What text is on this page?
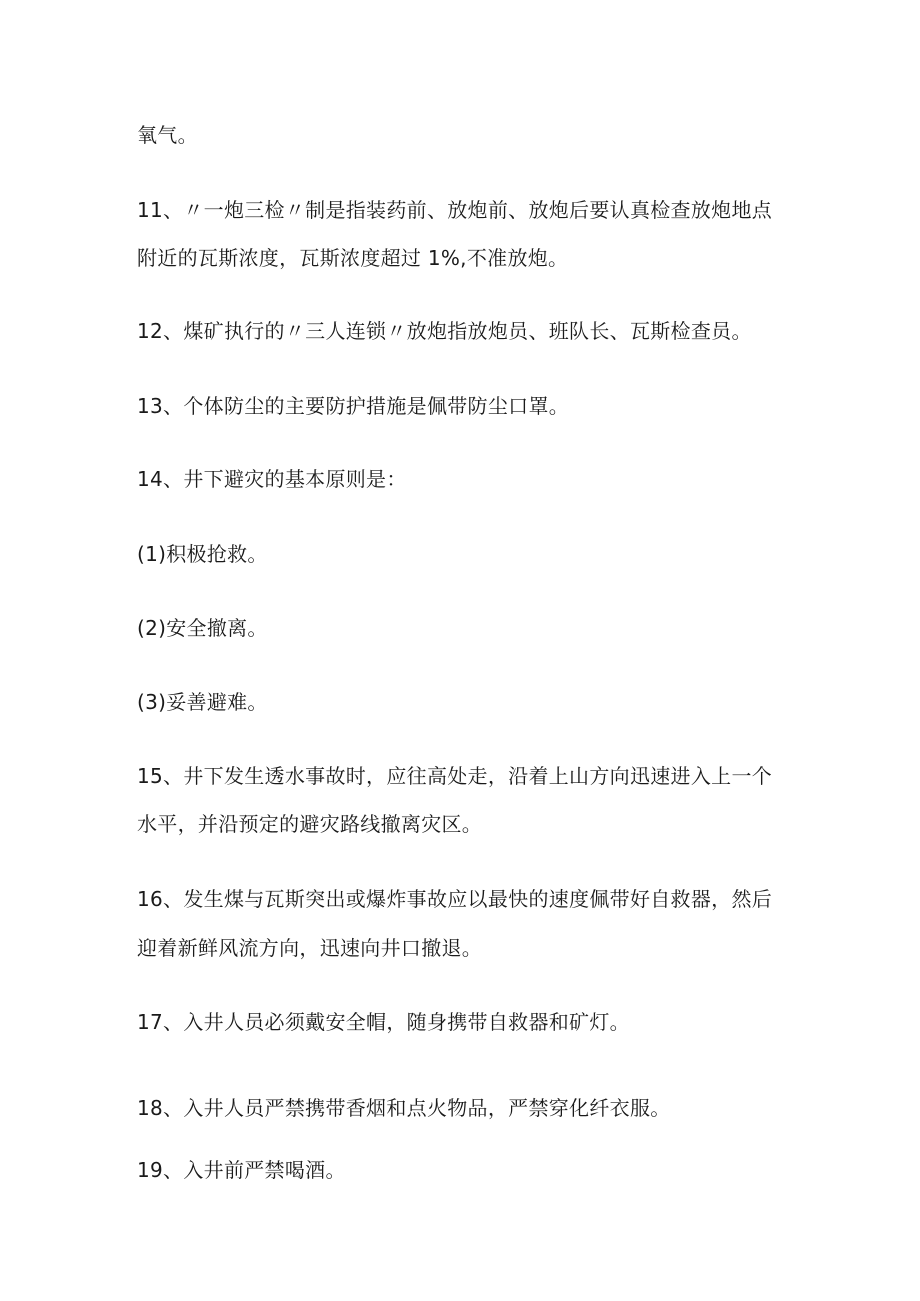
氧气。
11、〃一炮三检〃制是指装药前、放炮前、放炮后要认真检查放炮地点
附近的瓦斯浓度，瓦斯浓度超过 1%,不准放炮。
12、煤矿执行的〃三人连锁〃放炮指放炮员、班队长、瓦斯检查员。
13、个体防尘的主要防护措施是佩带防尘口罩。
14、井下避灾的基本原则是：
(1)积极抢救。
(2)安全撤离。
(3)妥善避难。
15、井下发生透水事故时，应往高处走，沿着上山方向迅速进入上一个
水平，并沿预定的避灾路线撤离灾区。
16、发生煤与瓦斯突出或爆炸事故应以最快的速度佩带好自救器，然后
迎着新鲜风流方向，迅速向井口撤退。
17、入井人员必须戴安全帽，随身携带自救器和矿灯。
18、入井人员严禁携带香烟和点火物品，严禁穿化纤衣服。
19、入井前严禁喝酒。
